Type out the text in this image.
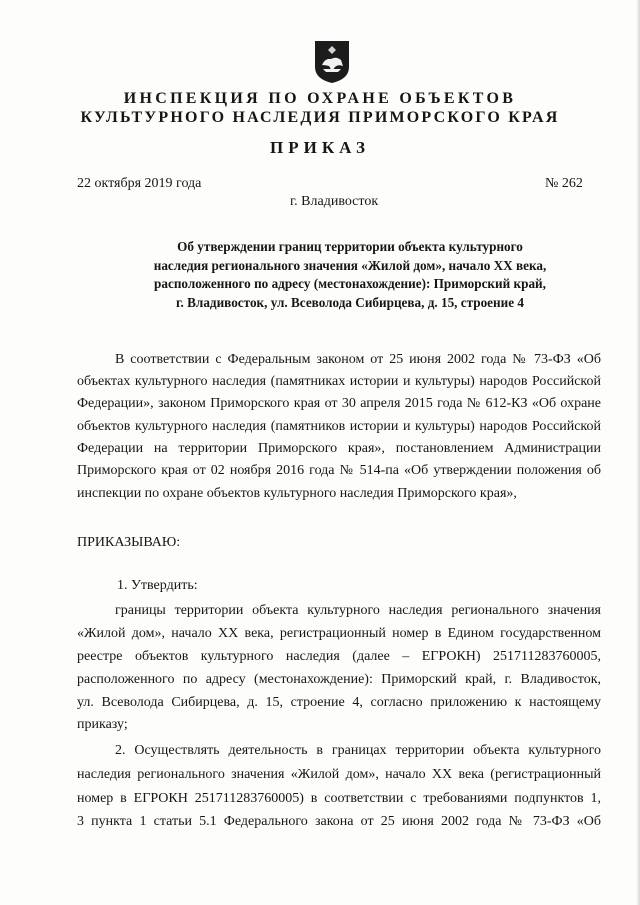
ИНСПЕКЦИЯ ПО ОХРАНЕ ОБЪЕКТОВ
КУЛЬТУРНОГО НАСЛЕДИЯ ПРИМОРСКОГО КРАЯ
ПРИКАЗ
22 октября 2019 года	№ 262
г. Владивосток
Об утверждении границ территории объекта культурного
наследия регионального значения «Жилой дом», начало XX века,
расположенного по адресу (местонахождение): Приморский край,
г. Владивосток, ул. Всеволода Сибирцева, д. 15, строение 4
В соответствии с Федеральным законом от 25 июня 2002 года № 73-ФЗ «Об
объектах культурного наследия (памятниках истории и культуры) народов Российской
Федерации», законом Приморского края от 30 апреля 2015 года № 612-КЗ «Об охране
объектов культурного наследия (памятников истории и культуры) народов Российской
Федерации на территории Приморского края», постановлением Администрации
Приморского края от 02 ноября 2016 года № 514-па «Об утверждении положения об
инспекции по охране объектов культурного наследия Приморского края»,
ПРИКАЗЫВАЮ:
1. Утвердить:
границы территории объекта культурного наследия регионального значения
«Жилой дом», начало XX века, регистрационный номер в Едином государственном
реестре объектов культурного наследия (далее – ЕГРОКН) 251711283760005,
расположенного по адресу (местонахождение): Приморский край, г. Владивосток,
ул. Всеволода Сибирцева, д. 15, строение 4, согласно приложению к настоящему
приказу;
2. Осуществлять деятельность в границах территории объекта культурного
наследия регионального значения «Жилой дом», начало XX века (регистрационный
номер в ЕГРОКН 251711283760005) в соответствии с требованиями подпунктов 1,
3 пункта 1 статьи 5.1 Федерального закона от 25 июня 2002 года № 73-ФЗ «Об
